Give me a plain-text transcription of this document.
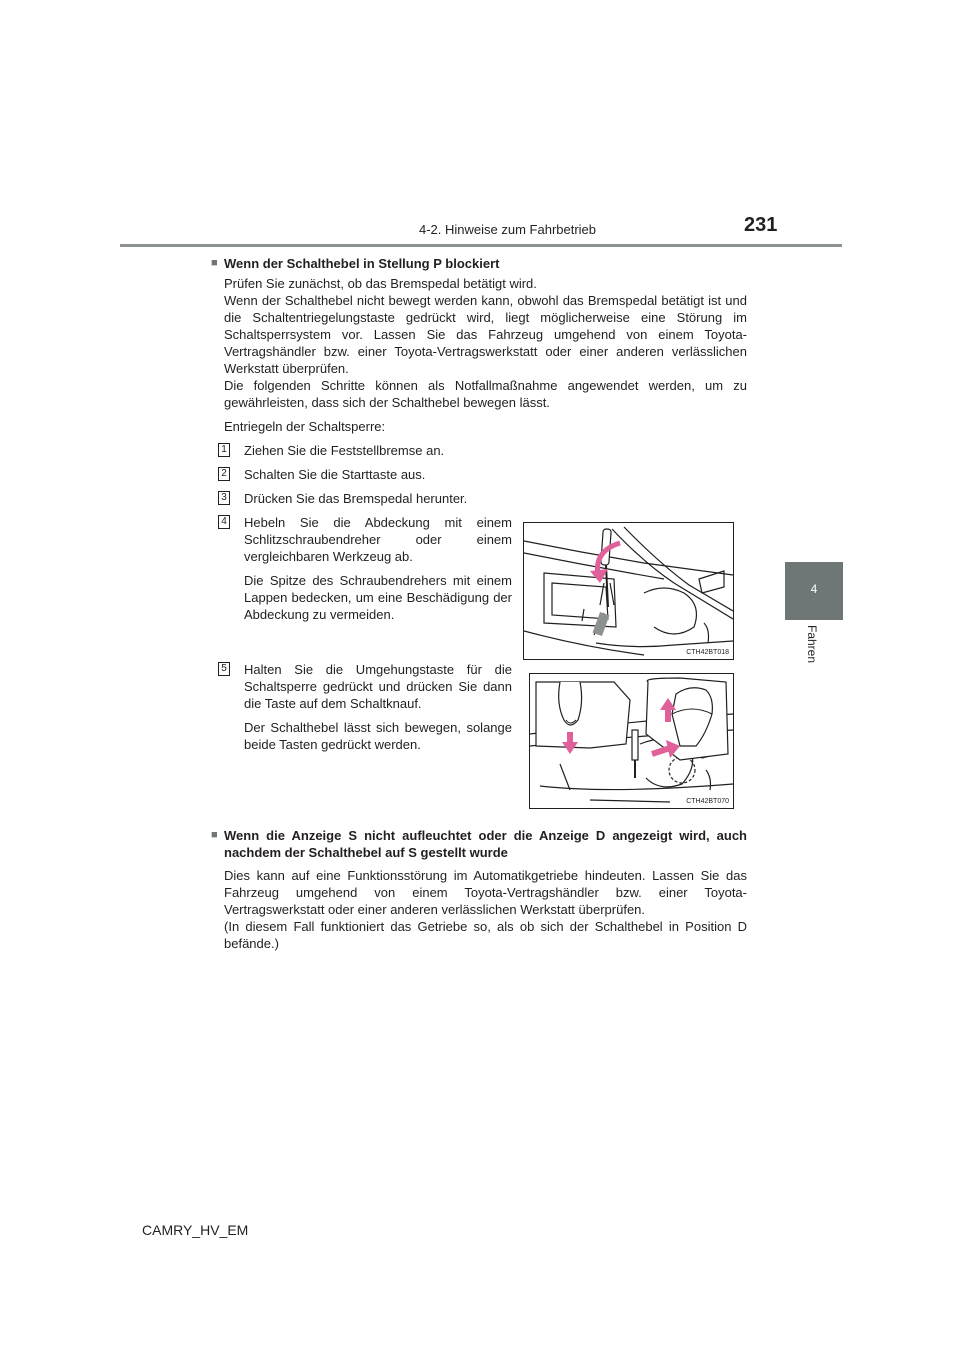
4-2. Hinweise zum Fahrbetrieb	231
4
Fahren
■ Wenn der Schalthebel in Stellung P blockiert
Prüfen Sie zunächst, ob das Bremspedal betätigt wird.
Wenn der Schalthebel nicht bewegt werden kann, obwohl das Bremspedal betätigt ist und die Schaltentriegelungstaste gedrückt wird, liegt möglicherweise eine Störung im Schaltsperrsystem vor. Lassen Sie das Fahrzeug umgehend von einem Toyota-Vertragshändler bzw. einer Toyota-Vertragswerkstatt oder einer anderen verlässlichen Werkstatt überprüfen.
Die folgenden Schritte können als Notfallmaßnahme angewendet werden, um zu gewährleisten, dass sich der Schalthebel bewegen lässt.
Entriegeln der Schaltsperre:
1 Ziehen Sie die Feststellbremse an.
2 Schalten Sie die Starttaste aus.
3 Drücken Sie das Bremspedal herunter.
4 Hebeln Sie die Abdeckung mit einem Schlitzschraubendreher oder einem vergleichbaren Werkzeug ab.

Die Spitze des Schraubendrehers mit einem Lappen bedecken, um eine Beschädigung der Abdeckung zu vermeiden.

5 Halten Sie die Umgehungstaste für die Schaltsperre gedrückt und drücken Sie dann die Taste auf dem Schaltknauf.

Der Schalthebel lässt sich bewegen, solange beide Tasten gedrückt werden.

CTH42BT018
CTH42BT070
■ Wenn die Anzeige S nicht aufleuchtet oder die Anzeige D angezeigt wird, auch nachdem der Schalthebel auf S gestellt wurde
Dies kann auf eine Funktionsstörung im Automatikgetriebe hindeuten. Lassen Sie das Fahrzeug umgehend von einem Toyota-Vertragshändler bzw. einer Toyota-Vertragswerkstatt oder einer anderen verlässlichen Werkstatt überprüfen.
(In diesem Fall funktioniert das Getriebe so, als ob sich der Schalthebel in Position D befände.)
CAMRY_HV_EM
